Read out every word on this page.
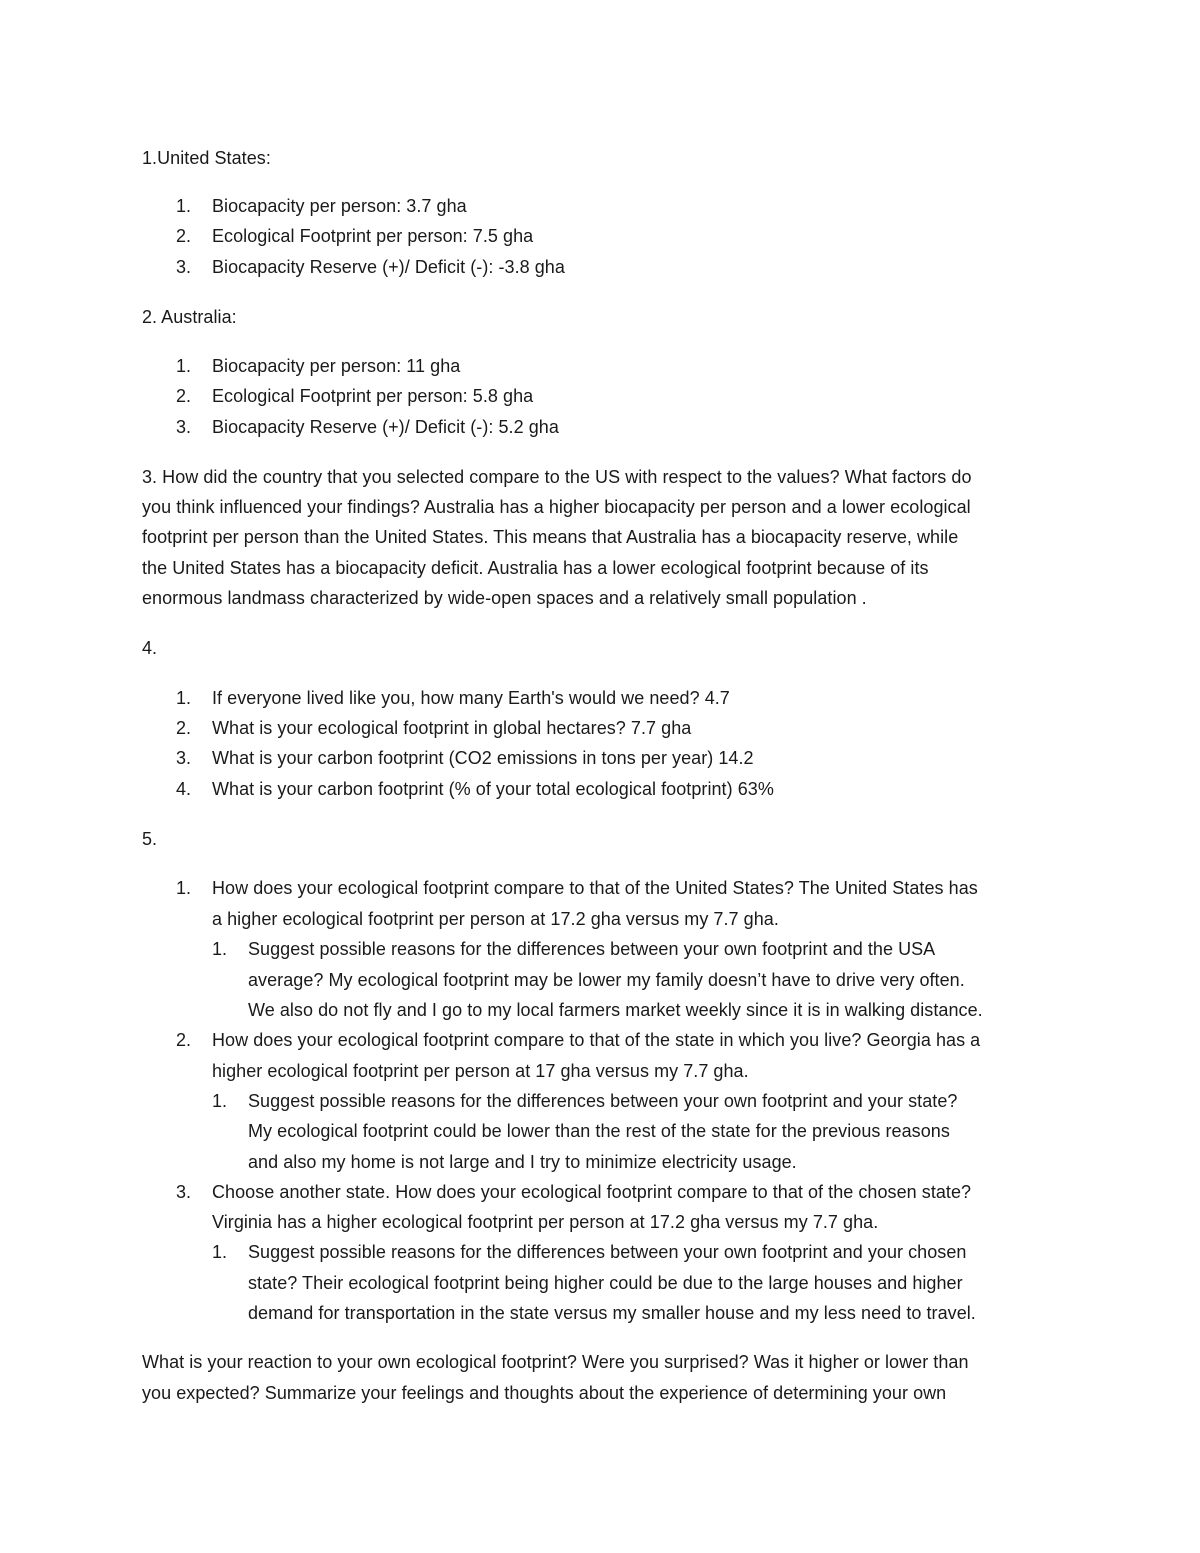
1.United States:
1. Biocapacity per person: 3.7 gha
2. Ecological Footprint per person: 7.5 gha
3. Biocapacity Reserve (+)/ Deficit (-): -3.8 gha
2. Australia:
1. Biocapacity per person: 11 gha
2. Ecological Footprint per person: 5.8 gha
3. Biocapacity Reserve (+)/ Deficit (-): 5.2 gha
3. How did the country that you selected compare to the US with respect to the values? What factors do
you think influenced your findings? Australia has a higher biocapacity per person and a lower ecological
footprint per person than the United States. This means that Australia has a biocapacity reserve, while
the United States has a biocapacity deficit. Australia has a lower ecological footprint because of its
enormous landmass characterized by wide-open spaces and a relatively small population .
4.
1. If everyone lived like you, how many Earth's would we need? 4.7
2. What is your ecological footprint in global hectares? 7.7 gha
3. What is your carbon footprint (CO2 emissions in tons per year) 14.2
4. What is your carbon footprint (% of your total ecological footprint) 63%
5.
1. How does your ecological footprint compare to that of the United States? The United States has
a higher ecological footprint per person at 17.2 gha versus my 7.7 gha.
1. Suggest possible reasons for the differences between your own footprint and the USA
average? My ecological footprint may be lower my family doesn’t have to drive very often.
We also do not fly and I go to my local farmers market weekly since it is in walking distance.
2. How does your ecological footprint compare to that of the state in which you live? Georgia has a
higher ecological footprint per person at 17 gha versus my 7.7 gha.
1. Suggest possible reasons for the differences between your own footprint and your state?
My ecological footprint could be lower than the rest of the state for the previous reasons
and also my home is not large and I try to minimize electricity usage.
3. Choose another state. How does your ecological footprint compare to that of the chosen state?
Virginia has a higher ecological footprint per person at 17.2 gha versus my 7.7 gha.
1. Suggest possible reasons for the differences between your own footprint and your chosen
state? Their ecological footprint being higher could be due to the large houses and higher
demand for transportation in the state versus my smaller house and my less need to travel.
What is your reaction to your own ecological footprint? Were you surprised? Was it higher or lower than
you expected? Summarize your feelings and thoughts about the experience of determining your own
